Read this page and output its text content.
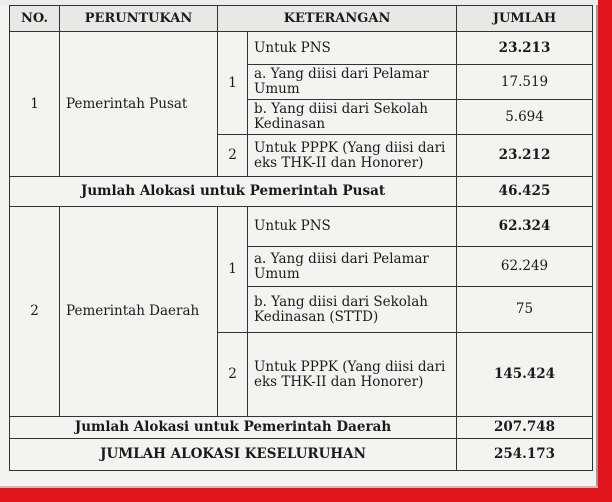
NO.	PERUNTUKAN	KETERANGAN		JUMLAH
1	Pemerintah Pusat	1	Untuk PNS	23.213
			a. Yang diisi dari Pelamar Umum	17.519
			b. Yang diisi dari Sekolah Kedinasan	5.694
		2	Untuk PPPK (Yang diisi dari eks THK-II dan Honorer)	23.212
Jumlah Alokasi untuk Pemerintah Pusat				46.425
2	Pemerintah Daerah	1	Untuk PNS	62.324
			a. Yang diisi dari Pelamar Umum	62.249
			b. Yang diisi dari Sekolah Kedinasan (STTD)	75
		2	Untuk PPPK (Yang diisi dari eks THK-II dan Honorer)	145.424
Jumlah Alokasi untuk Pemerintah Daerah				207.748
JUMLAH ALOKASI KESELURUHAN				254.173
